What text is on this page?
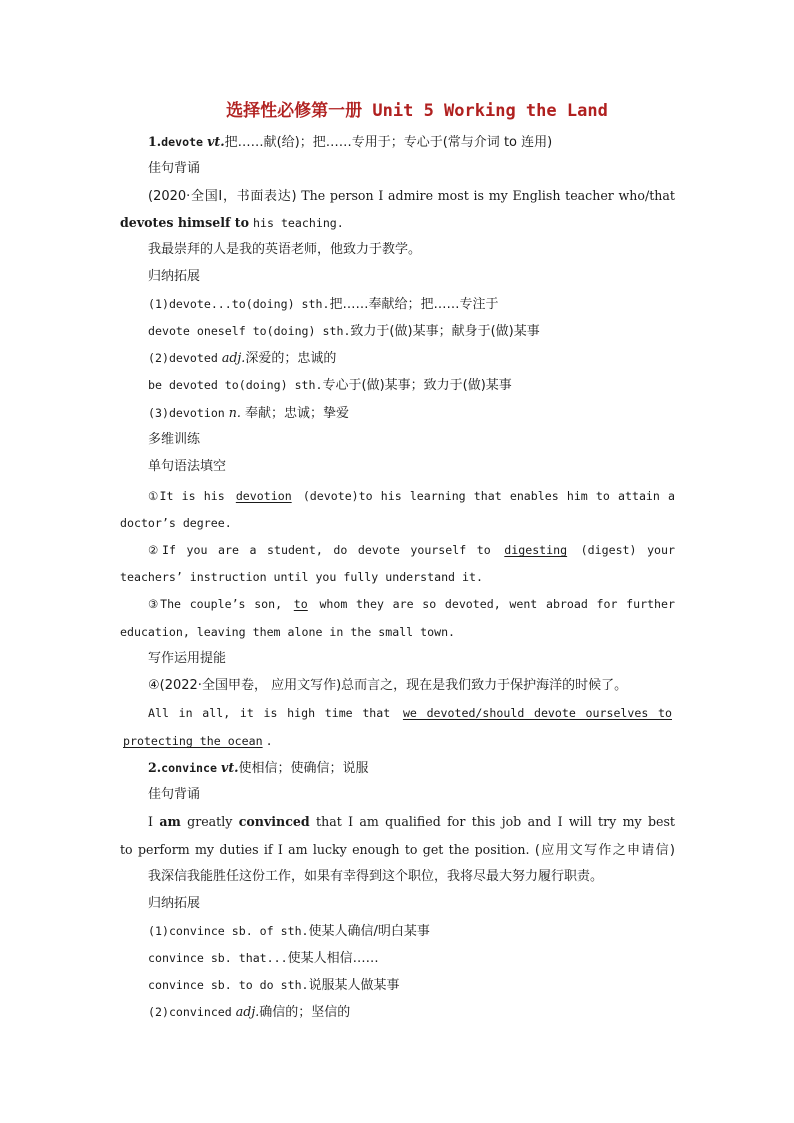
选择性必修第一册 Unit 5 Working the Land
1.devote vt.把……献(给)；把……专用于；专心于(常与介词 to 连用)
佳句背诵
(2020·全国Ⅰ，书面表达) The person I admire most is my English teacher who/that
devotes himself to his teaching.
我最崇拜的人是我的英语老师，他致力于教学。
归纳拓展
(1)devote...to(doing) sth.把……奉献给；把……专注于
devote oneself to(doing) sth.致力于(做)某事；献身于(做)某事
(2)devoted adj.深爱的；忠诚的
be devoted to(doing) sth.专心于(做)某事；致力于(做)某事
(3)devotion n. 奉献；忠诚；挚爱
多维训练
单句语法填空
①It is his devotion (devote)to his learning that enables him to attain a
doctor’s degree.
②If you are a student, do devote yourself to digesting (digest) your
teachers’ instruction until you fully understand it.
③The couple’s son, to whom they are so devoted, went abroad for further
education, leaving them alone in the small town.
写作运用提能
④(2022·全国甲卷， 应用文写作)总而言之，现在是我们致力于保护海洋的时候了。
All in all, it is high time that we devoted/should devote ourselves to
protecting the ocean .
2.convince vt.使相信；使确信；说服
佳句背诵
I am greatly convinced that I am qualified for this job and I will try my best
to perform my duties if I am lucky enough to get the position. (应用文写作之申请信)
我深信我能胜任这份工作，如果有幸得到这个职位，我将尽最大努力履行职责。
归纳拓展
(1)convince sb. of sth.使某人确信/明白某事
convince sb. that...使某人相信……
convince sb. to do sth.说服某人做某事
(2)convinced adj.确信的；坚信的
